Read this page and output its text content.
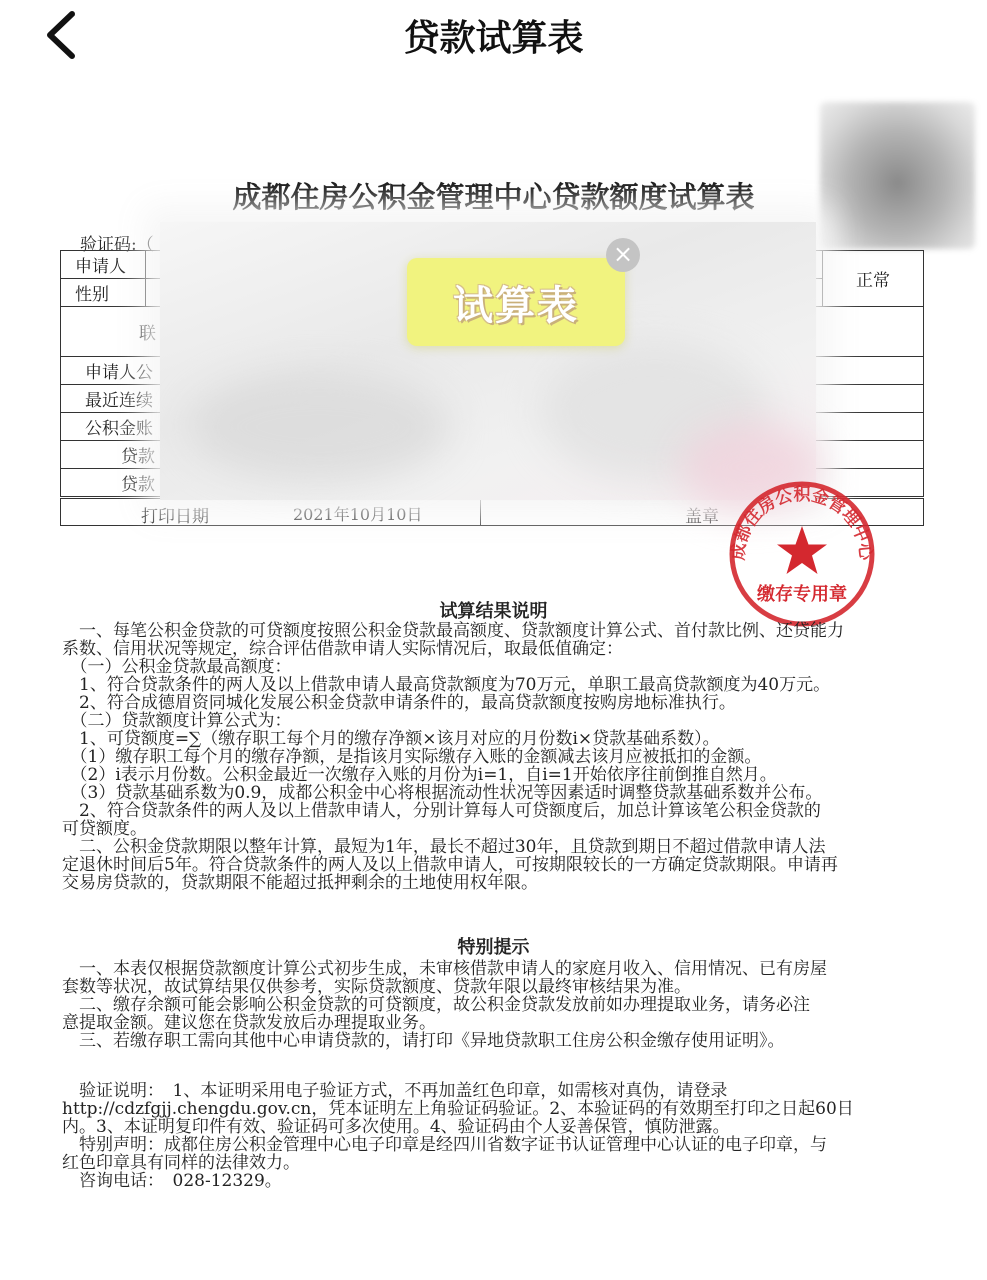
贷款试算表
成都住房公积金管理中心贷款额度试算表
验证码:（
申请人			正常
性别			
联			
申请人公			
最近连续			
公积金账			
贷款			
贷款			
打印日期	2021年10月10日	盖章
试算表
×
成都住房公积金管理中心
缴存专用章
试算结果说明

　一、每笔公积金贷款的可贷额度按照公积金贷款最高额度、贷款额度计算公式、首付款比例、还贷能力

系数、信用状况等规定，综合评估借款申请人实际情况后，取最低值确定：

　（一）公积金贷款最高额度：

　1、符合贷款条件的两人及以上借款申请人最高贷款额度为70万元，单职工最高贷款额度为40万元。

　2、符合成德眉资同城化发展公积金贷款申请条件的，最高贷款额度按购房地标准执行。

　（二）贷款额度计算公式为：

　1、可贷额度=∑（缴存职工每个月的缴存净额×该月对应的月份数i×贷款基础系数）。

　（1）缴存职工每个月的缴存净额，是指该月实际缴存入账的金额减去该月应被抵扣的金额。

　（2）i表示月份数。公积金最近一次缴存入账的月份为i=1，自i=1开始依序往前倒推自然月。

　（3）贷款基础系数为0.9，成都公积金中心将根据流动性状况等因素适时调整贷款基础系数并公布。

　2、符合贷款条件的两人及以上借款申请人，分别计算每人可贷额度后，加总计算该笔公积金贷款的

可贷额度。

　二、公积金贷款期限以整年计算，最短为1年，最长不超过30年，且贷款到期日不超过借款申请人法

定退休时间后5年。符合贷款条件的两人及以上借款申请人，可按期限较长的一方确定贷款期限。申请再

交易房贷款的，贷款期限不能超过抵押剩余的土地使用权年限。

特别提示

　一、本表仅根据贷款额度计算公式初步生成，未审核借款申请人的家庭月收入、信用情况、已有房屋

套数等状况，故试算结果仅供参考，实际贷款额度、贷款年限以最终审核结果为准。

　二、缴存余额可能会影响公积金贷款的可贷额度，故公积金贷款发放前如办理提取业务，请务必注

意提取金额。建议您在贷款发放后办理提取业务。

　三、若缴存职工需向其他中心申请贷款的，请打印《异地贷款职工住房公积金缴存使用证明》。

　验证说明：　1、本证明采用电子验证方式，不再加盖红色印章，如需核对真伪，请登录

http://cdzfgjj.chengdu.gov.cn，凭本证明左上角验证码验证。2、本验证码的有效期至打印之日起60日

内。3、本证明复印件有效、验证码可多次使用。4、验证码由个人妥善保管，慎防泄露。

　特别声明：成都住房公积金管理中心电子印章是经四川省数字证书认证管理中心认证的电子印章，与

红色印章具有同样的法律效力。

　咨询电话：　028-12329。
